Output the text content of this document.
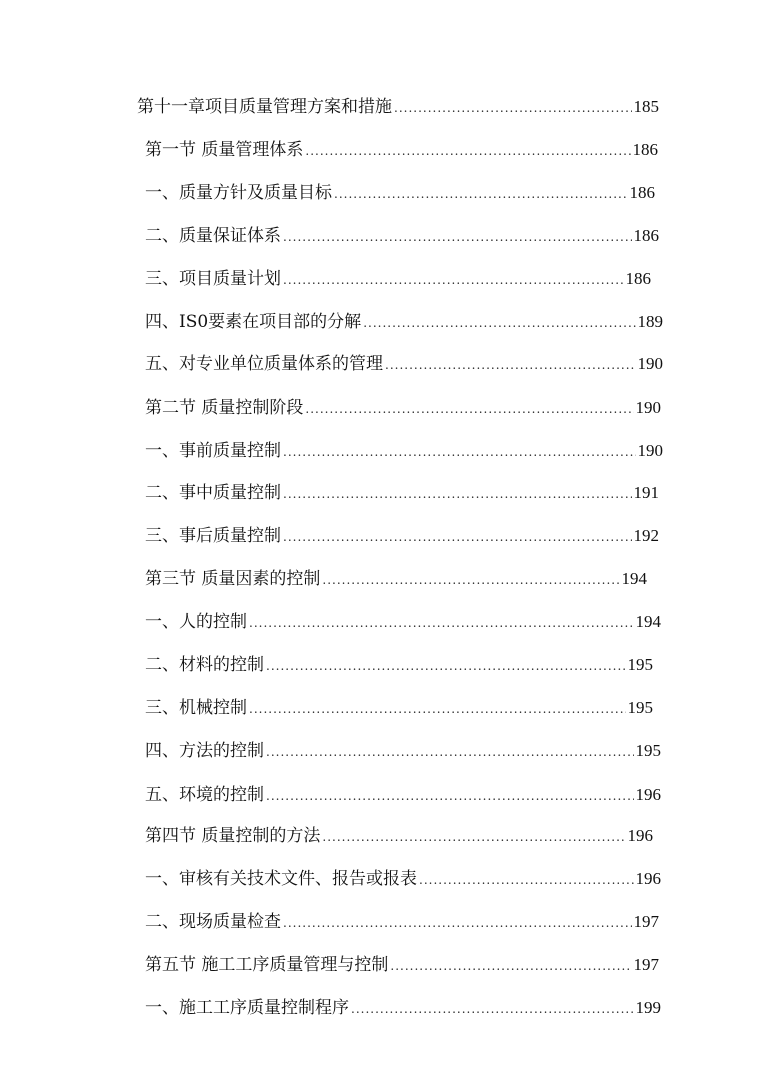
第十一章项目质量管理方案和措施 .....	185
第一节 质量管理体系 .....	186
一、质量方针及质量目标 .....	186
二、质量保证体系 .....	186
三、项目质量计划 .....	186
四、IS0要素在项目部的分解 .....	189
五、对专业单位质量体系的管理 .....	190
第二节 质量控制阶段 .....	190
一、事前质量控制 .....	190
二、事中质量控制 .....	191
三、事后质量控制 .....	192
第三节 质量因素的控制 .....	194
一、人的控制 .....	194
二、材料的控制 .....	195
三、机械控制 .....	195
四、方法的控制 .....	195
五、环境的控制 .....	196
第四节 质量控制的方法 .....	196
一、审核有关技术文件、报告或报表 .....	196
二、现场质量检查 .....	197
第五节 施工工序质量管理与控制 .....	197
一、施工工序质量控制程序 .....	199
